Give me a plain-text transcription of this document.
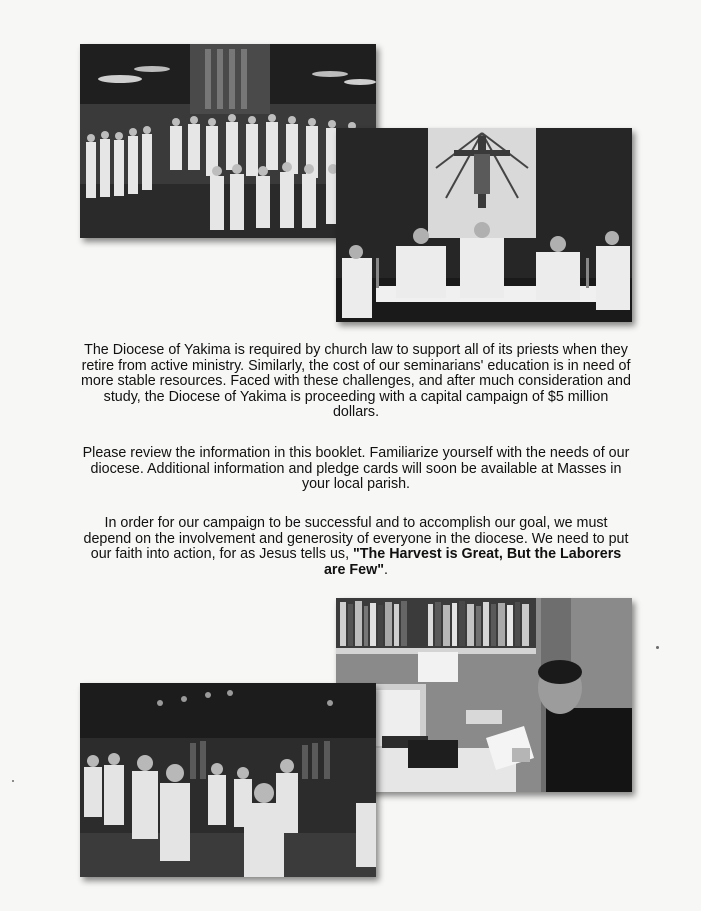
The Diocese of Yakima is required by church law to support all of its priests when they retire from active ministry. Similarly, the cost of our seminarians' education is in need of more stable resources. Faced with these challenges, and after much consideration and study, the Diocese of Yakima is proceeding with a capital campaign of $5 million dollars.

Please review the information in this booklet. Familiarize yourself with the needs of our diocese. Additional information and pledge cards will soon be available at Masses in your local parish.

In order for our campaign to be successful and to accomplish our goal, we must depend on the involvement and generosity of everyone in the diocese. We need to put our faith into action, for as Jesus tells us, "The Harvest is Great, But the Laborers are Few".
